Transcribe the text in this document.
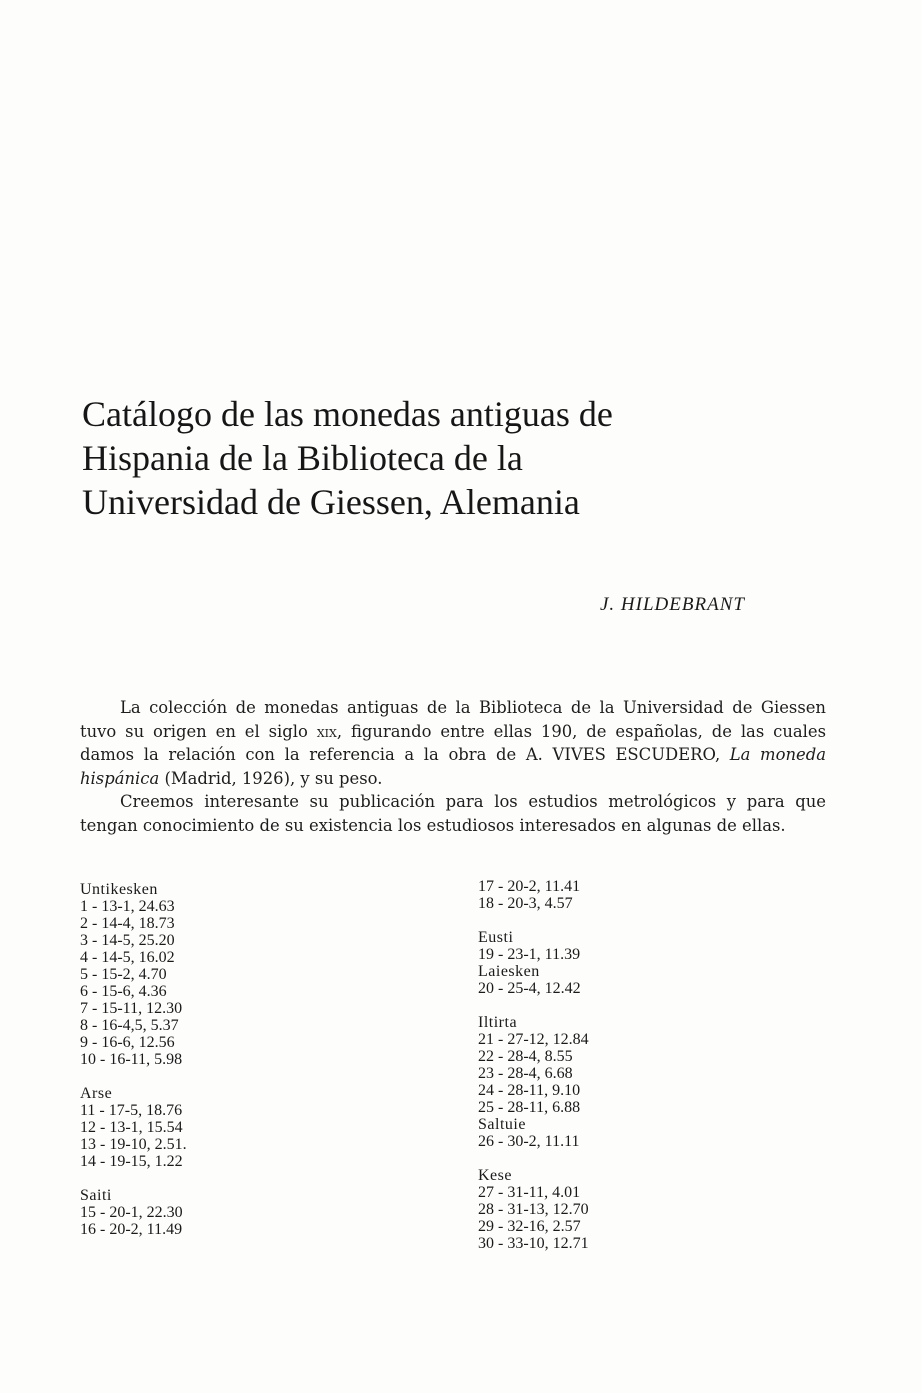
Catálogo de las monedas antiguas de
Hispania de la Biblioteca de la
Universidad de Giessen, Alemania
J. HILDEBRANT

La colección de monedas antiguas de la Biblioteca de la Universidad de Giessen tuvo su origen en el siglo xix, figurando entre ellas 190, de españolas, de las cuales damos la relación con la referencia a la obra de A. VIVES ESCUDERO, La moneda hispánica (Madrid, 1926), y su peso.

Creemos interesante su publicación para los estudios metrológicos y para que tengan conocimiento de su existencia los estudiosos interesados en algunas de ellas.

Untikesken
1 - 13-1, 24.63
2 - 14-4, 18.73
3 - 14-5, 25.20
4 - 14-5, 16.02
5 - 15-2, 4.70
6 - 15-6, 4.36
7 - 15-11, 12.30
8 - 16-4,5, 5.37
9 - 16-6, 12.56
10 - 16-11, 5.98
Arse
11 - 17-5, 18.76
12 - 13-1, 15.54
13 - 19-10, 2.51.
14 - 19-15, 1.22
Saiti
15 - 20-1, 22.30
16 - 20-2, 11.49
17 - 20-2, 11.41
18 - 20-3, 4.57
Eusti
19 - 23-1, 11.39
Laiesken
20 - 25-4, 12.42
Iltirta
21 - 27-12, 12.84
22 - 28-4, 8.55
23 - 28-4, 6.68
24 - 28-11, 9.10
25 - 28-11, 6.88
Saltuie
26 - 30-2, 11.11
Kese
27 - 31-11, 4.01
28 - 31-13, 12.70
29 - 32-16, 2.57
30 - 33-10, 12.71
